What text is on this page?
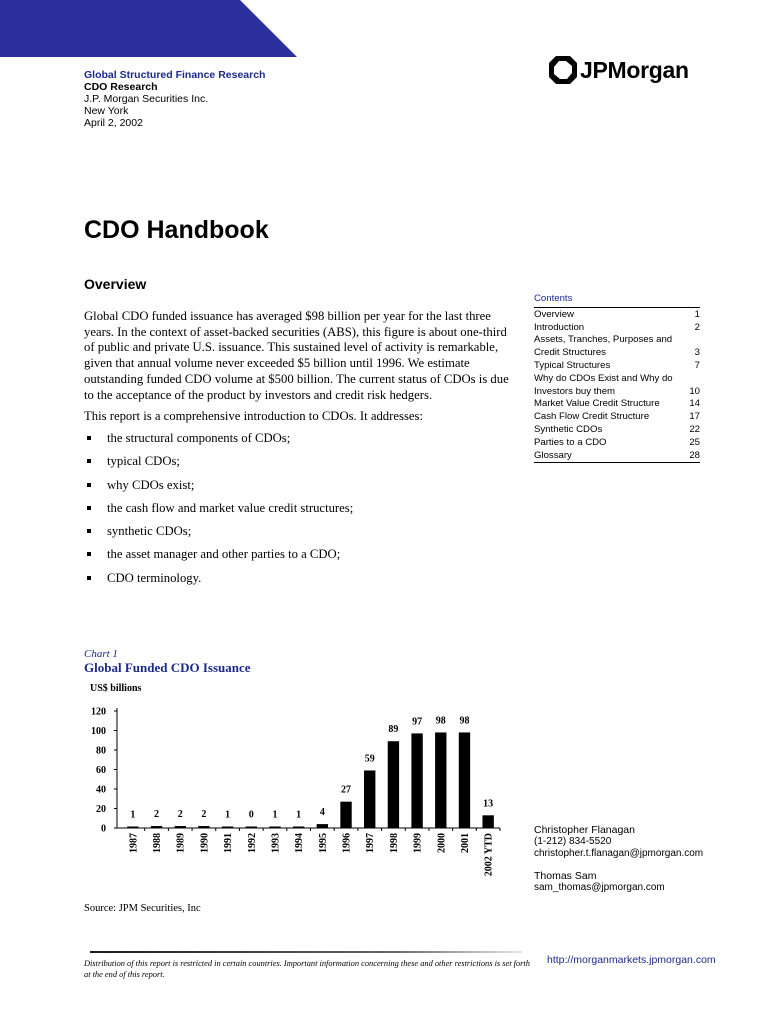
JPMorgan
Global Structured Finance Research
CDO Research
J.P. Morgan Securities Inc.
New York
April 2, 2002
CDO Handbook
Overview

Global CDO funded issuance has averaged $98 billion per year for the last three years. In the context of asset-backed securities (ABS), this figure is about one-third of public and private U.S. issuance. This sustained level of activity is remarkable, given that annual volume never exceeded $5 billion until 1996. We estimate outstanding funded CDO volume at $500 billion. The current status of CDOs is due to the acceptance of the product by investors and credit risk hedgers.

This report is a comprehensive introduction to CDOs. It addresses:

the structural components of CDOs;
typical CDOs;
why CDOs exist;
the cash flow and market value credit structures;
synthetic CDOs;
the asset manager and other parties to a CDO;
CDO terminology.
Contents
Overview	1
Introduction	2
Assets, Tranches, Purposes and Credit Structures	3
Typical Structures	7
Why do CDOs Exist and Why do Investors buy them	10
Market Value Credit Structure	14
Cash Flow Credit Structure	17
Synthetic CDOs	22
Parties to a CDO	25
Glossary	28
Chart 1
Global Funded CDO Issuance
US$ billions
0
20
40
60
80
100
120
1
1987
2
1988
2
1989
2
1990
1
1991
0
1992
1
1993
1
1994
4
1995
27
1996
59
1997
89
1998
97
1999
98
2000
98
2001
13
2002 YTD
Source: JPM Securities, Inc
Christopher Flanagan
(1-212) 834-5520
christopher.t.flanagan@jpmorgan.com
Thomas Sam
sam_thomas@jpmorgan.com
Distribution of this report is restricted in certain countries. Important information concerning these and other restrictions is set forth at the end of this report.
http://morganmarkets.jpmorgan.com
